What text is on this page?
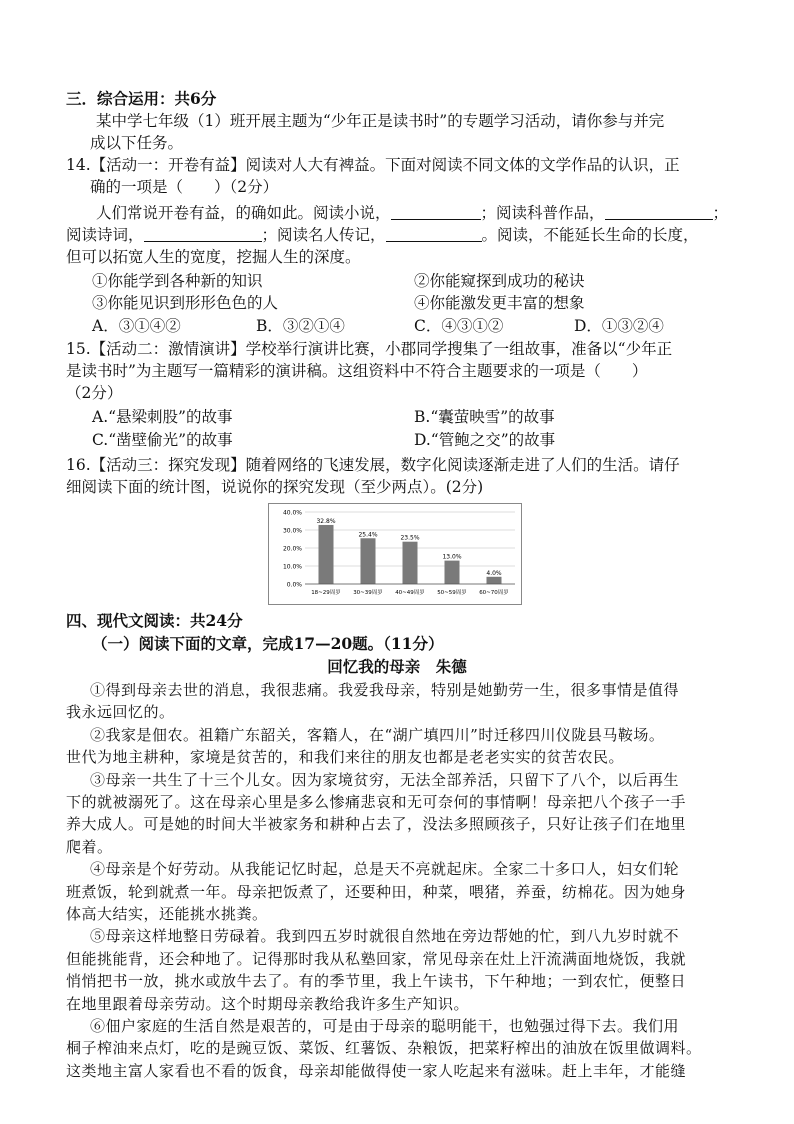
三．综合运用：共6分
某中学七年级（1）班开展主题为“少年正是读书时”的专题学习活动，请你参与并完
成以下任务。
14.【活动一：开卷有益】阅读对人大有裨益。下面对阅读不同文体的文学作品的认识，正
确的一项是（　　）（2分）
人们常说开卷有益，的确如此。阅读小说，	；阅读科普作品，	；
阅读诗词，	；阅读名人传记，	。阅读，不能延长生命的长度，
但可以拓宽人生的宽度，挖掘人生的深度。
①你能学到各种新的知识	②你能窥探到成功的秘诀
③你能见识到形形色色的人	④你能激发更丰富的想象
A．③①④②	B．③②①④	C．④③①②	D．①③②④
15.【活动二：激情演讲】学校举行演讲比赛，小郡同学搜集了一组故事，准备以“少年正
是读书时”为主题写一篇精彩的演讲稿。这组资料中不符合主题要求的一项是（　　）
（2分）
A.“悬梁刺股”的故事	B.“囊萤映雪”的故事
C.“凿壁偷光”的故事	D.“管鲍之交”的故事
16.【活动三：探究发现】随着网络的飞速发展，数字化阅读逐渐走进了人们的生活。请仔
细阅读下面的统计图，说说你的探究发现（至少两点）。(2分)
40.0%
30.0%
20.0%
10.0%
0.0%
32.8%
18~29周岁
25.4%
30~39周岁
23.5%
40~49周岁
13.0%
50~59周岁
4.0%
60~70周岁
四、现代文阅读：共24分
（一）阅读下面的文章，完成17—20题。（11分）
回忆我的母亲　朱德
①得到母亲去世的消息，我很悲痛。我爱我母亲，特别是她勤劳一生，很多事情是值得
我永远回忆的。
②我家是佃农。祖籍广东韶关，客籍人，在“湖广填四川”时迁移四川仪陇县马鞍场。
世代为地主耕种，家境是贫苦的，和我们来往的朋友也都是老老实实的贫苦农民。
③母亲一共生了十三个儿女。因为家境贫穷，无法全部养活，只留下了八个，以后再生
下的就被溺死了。这在母亲心里是多么惨痛悲哀和无可奈何的事情啊！母亲把八个孩子一手
养大成人。可是她的时间大半被家务和耕种占去了，没法多照顾孩子，只好让孩子们在地里
爬着。
④母亲是个好劳动。从我能记忆时起，总是天不亮就起床。全家二十多口人，妇女们轮
班煮饭，轮到就煮一年。母亲把饭煮了，还要种田，种菜，喂猪，养蚕，纺棉花。因为她身
体高大结实，还能挑水挑粪。
⑤母亲这样地整日劳碌着。我到四五岁时就很自然地在旁边帮她的忙，到八九岁时就不
但能挑能背，还会种地了。记得那时我从私塾回家，常见母亲在灶上汗流满面地烧饭，我就
悄悄把书一放，挑水或放牛去了。有的季节里，我上午读书，下午种地；一到农忙，便整日
在地里跟着母亲劳动。这个时期母亲教给我许多生产知识。
⑥佃户家庭的生活自然是艰苦的，可是由于母亲的聪明能干，也勉强过得下去。我们用
桐子榨油来点灯，吃的是豌豆饭、菜饭、红薯饭、杂粮饭，把菜籽榨出的油放在饭里做调料。
这类地主富人家看也不看的饭食，母亲却能做得使一家人吃起来有滋味。赶上丰年，才能缝
